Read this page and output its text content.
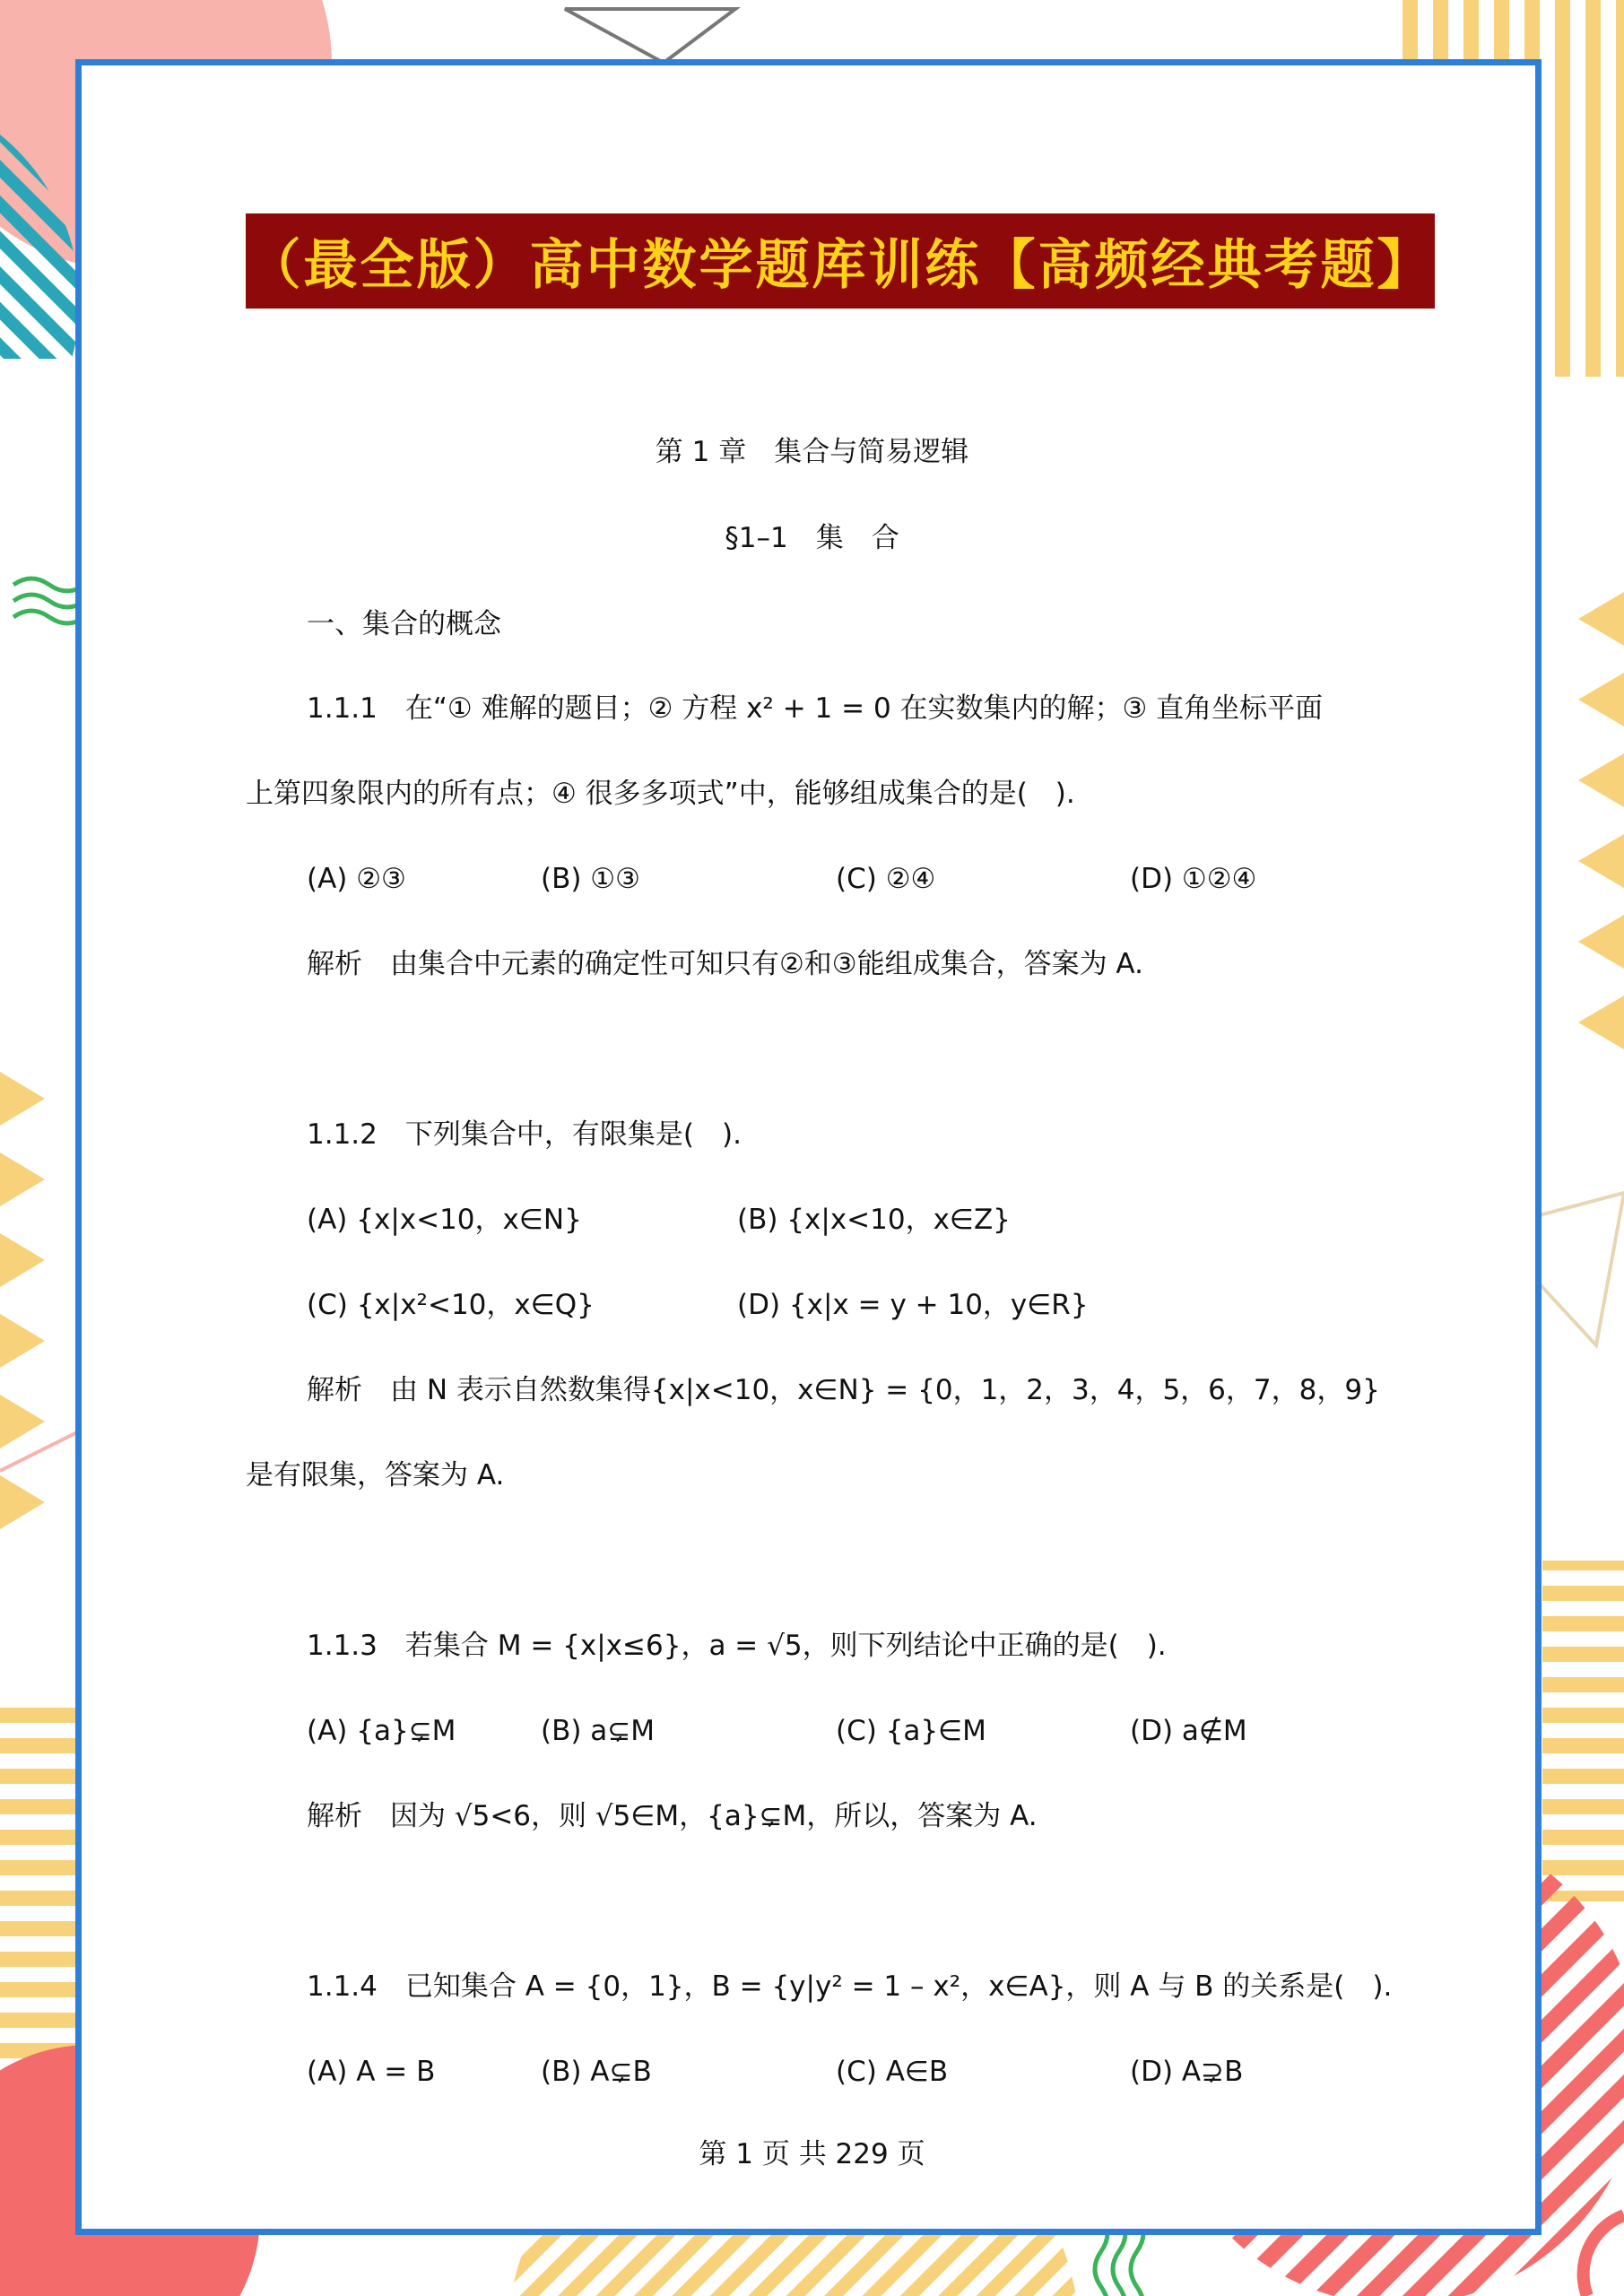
（最全版）高中数学题库训练【高频经典考题】
第 1 章　集合与简易逻辑
§1–1　集　合
一、集合的概念
1.1.1　在“① 难解的题目；② 方程 x² + 1 = 0 在实数集内的解；③ 直角坐标平面
上第四象限内的所有点；④ 很多多项式”中，能够组成集合的是(　).
(A) ②③	(B) ①③	(C) ②④	(D) ①②④
解析　由集合中元素的确定性可知只有②和③能组成集合，答案为 A.
1.1.2　下列集合中，有限集是(　).
(A) {x|x<10，x∈N}	(B) {x|x<10，x∈Z}
(C) {x|x²<10，x∈Q}	(D) {x|x = y + 10，y∈R}
解析　由 N 表示自然数集得{x|x<10，x∈N} = {0，1，2，3，4，5，6，7，8，9}
是有限集，答案为 A.
1.1.3　若集合 M = {x|x≤6}，a = √5，则下列结论中正确的是(　).
(A) {a}⊊M	(B) a⊊M	(C) {a}∈M	(D) a∉M
解析　因为 √5<6，则 √5∈M，{a}⊊M，所以，答案为 A.
1.1.4　已知集合 A = {0，1}，B = {y|y² = 1 – x²，x∈A}，则 A 与 B 的关系是(　).
(A) A = B	(B) A⊊B	(C) A∈B	(D) A⊋B
第 1 页 共 229 页
